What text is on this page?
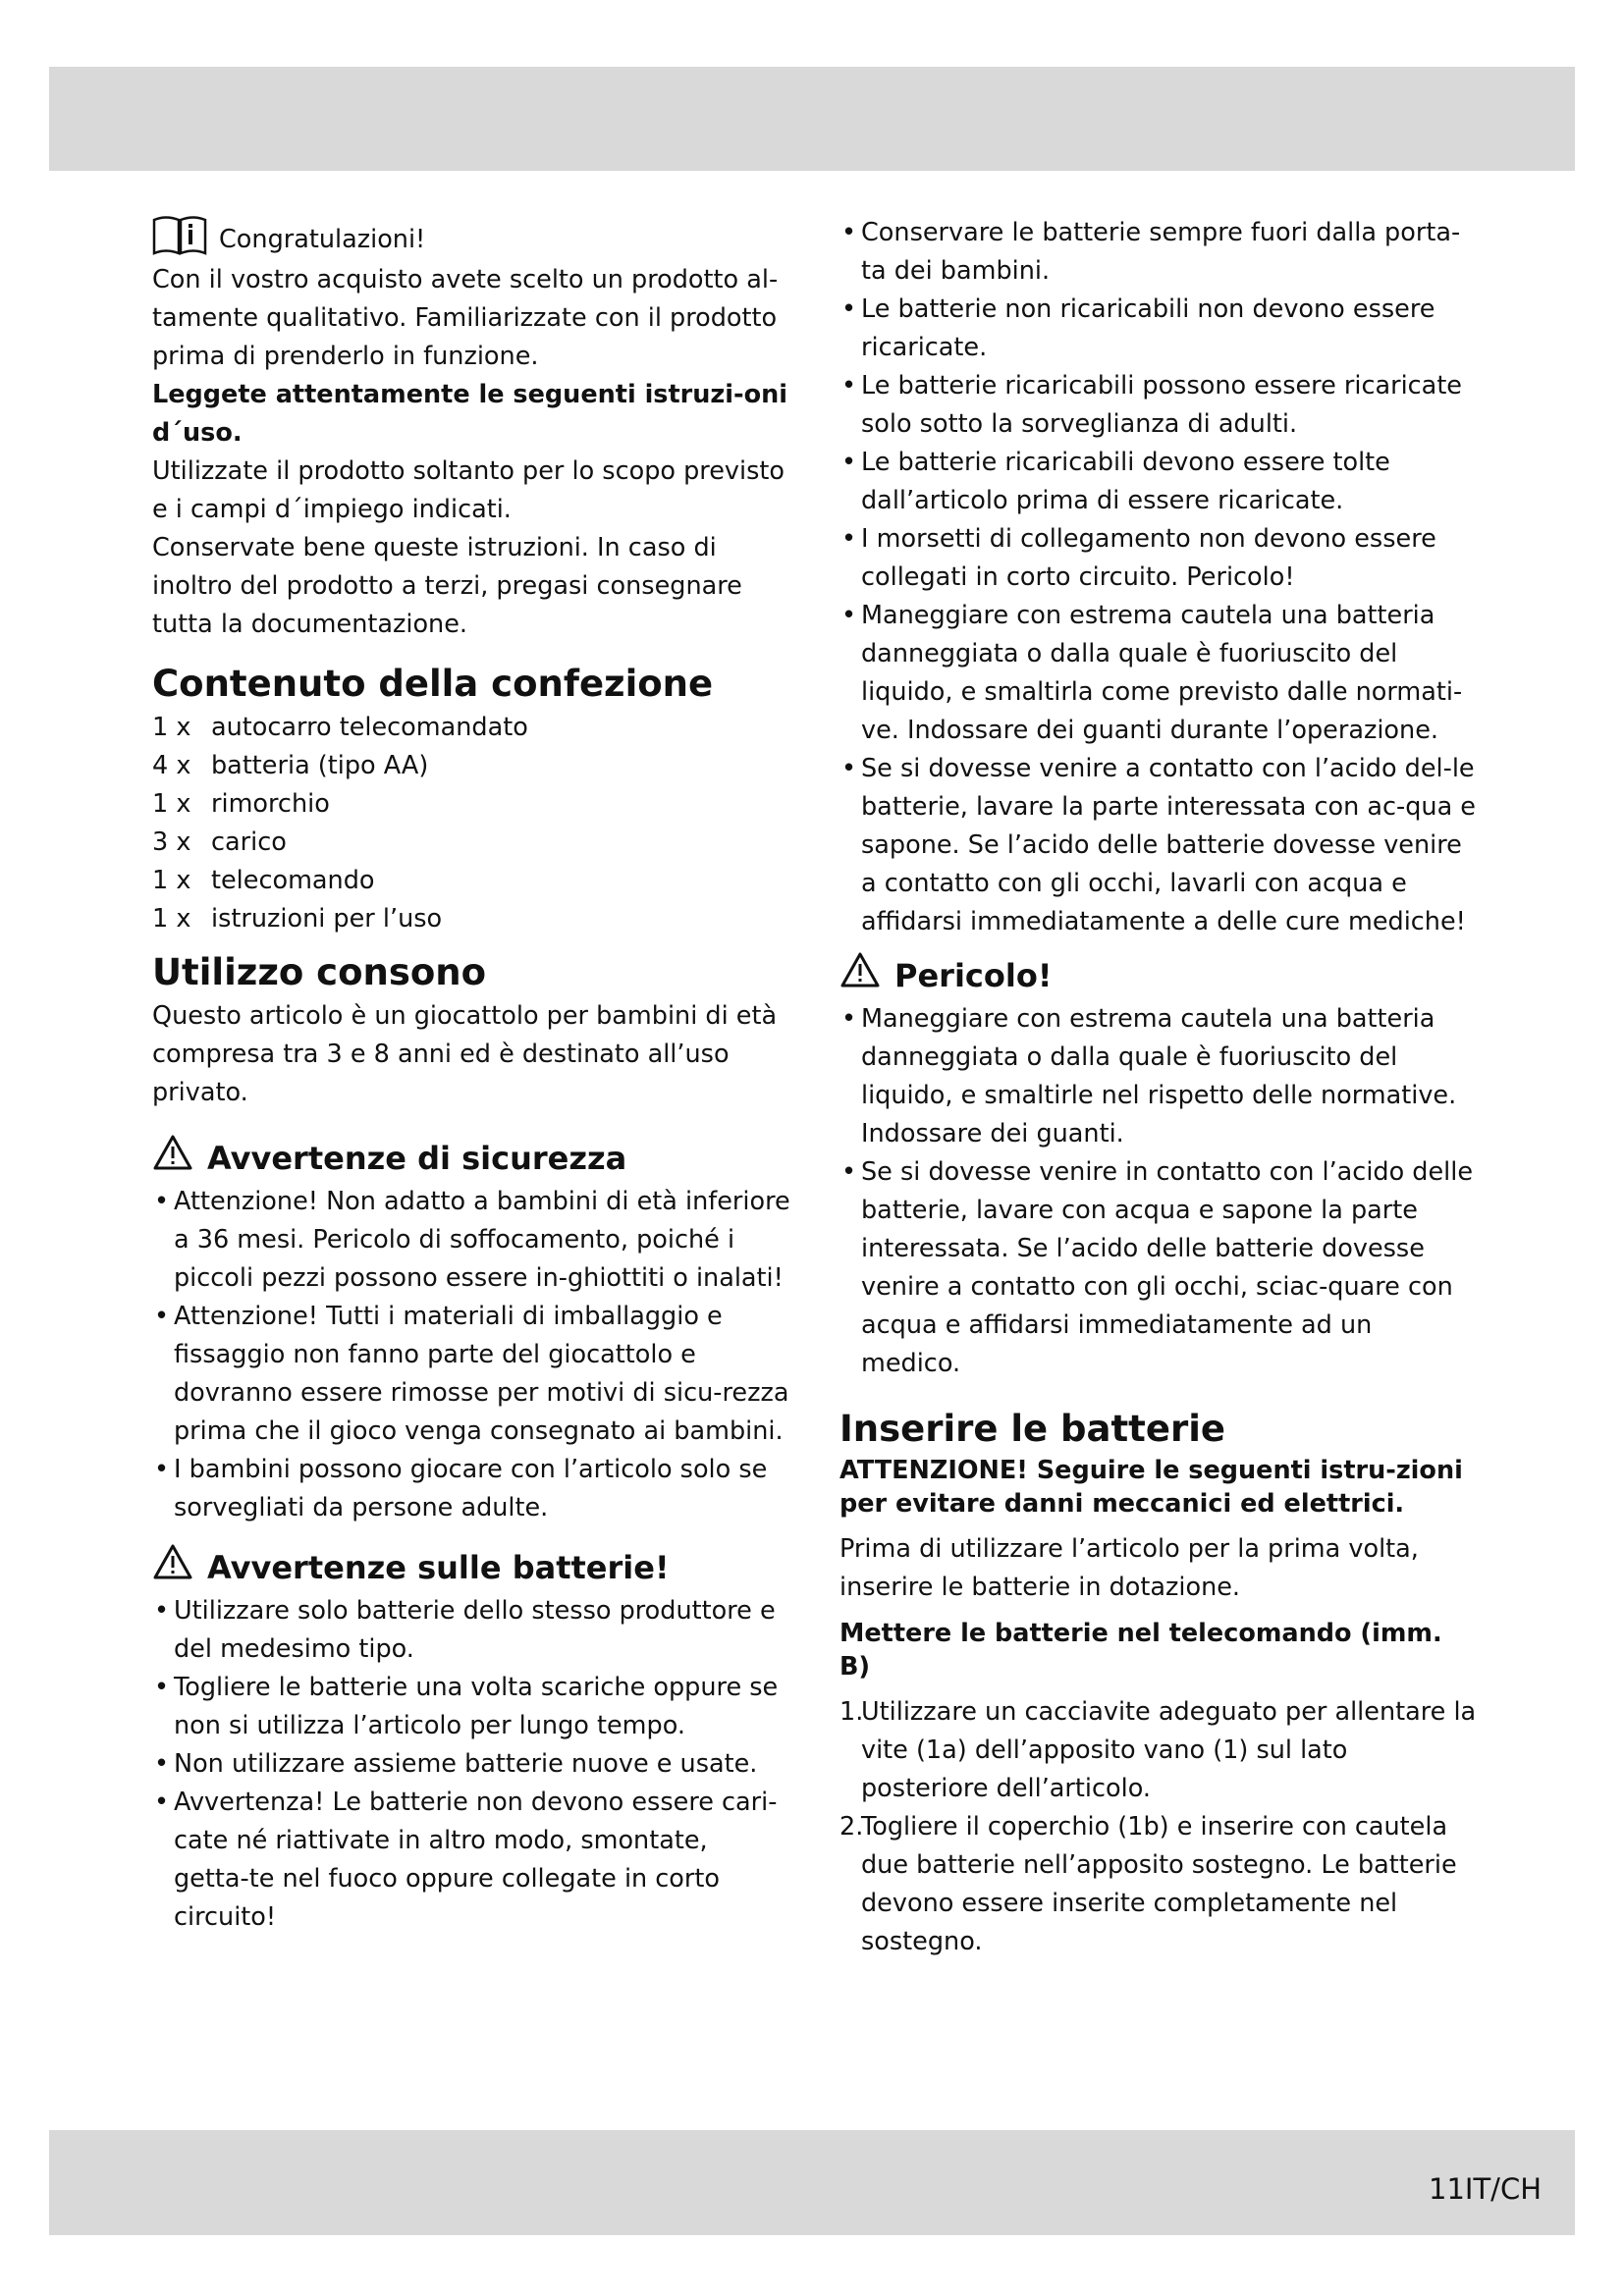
Congratulazioni!

Con il vostro acquisto avete scelto un prodotto al-tamente qualitativo. Familiarizzate con il prodotto prima di prenderlo in funzione.

Leggete attentamente le seguenti istruzi-oni d´uso.

Utilizzate il prodotto soltanto per lo scopo previsto e i campi d´impiego indicati.

Conservate bene queste istruzioni. In caso di inoltro del prodotto a terzi, pregasi consegnare tutta la documentazione.

Contenuto della confezione
1 x autocarro telecomandato
4 x batteria (tipo AA)
1 x rimorchio
3 x carico
1 x telecomando
1 x istruzioni per l’uso
Utilizzo consono

Questo articolo è un giocattolo per bambini di età compresa tra 3 e 8 anni ed è destinato all’uso privato.

Avvertenze di sicurezza
• Attenzione! Non adatto a bambini di età inferiore a 36 mesi. Pericolo di soffocamento, poiché i piccoli pezzi possono essere in-ghiottiti o inalati!
• Attenzione! Tutti i materiali di imballaggio e fissaggio non fanno parte del giocattolo e dovranno essere rimosse per motivi di sicu-rezza prima che il gioco venga consegnato ai bambini.
• I bambini possono giocare con l’articolo solo se sorvegliati da persone adulte.
Avvertenze sulle batterie!
• Utilizzare solo batterie dello stesso produttore e del medesimo tipo.
• Togliere le batterie una volta scariche oppure se non si utilizza l’articolo per lungo tempo.
• Non utilizzare assieme batterie nuove e usate.
• Avvertenza! Le batterie non devono essere cari-cate né riattivate in altro modo, smontate, getta-te nel fuoco oppure collegate in corto circuito!
• Conservare le batterie sempre fuori dalla porta-ta dei bambini.
• Le batterie non ricaricabili non devono essere ricaricate.
• Le batterie ricaricabili possono essere ricaricate solo sotto la sorveglianza di adulti.
• Le batterie ricaricabili devono essere tolte dall’articolo prima di essere ricaricate.
• I morsetti di collegamento non devono essere collegati in corto circuito. Pericolo!
• Maneggiare con estrema cautela una batteria danneggiata o dalla quale è fuoriuscito del liquido, e smaltirla come previsto dalle normati-ve. Indossare dei guanti durante l’operazione.
• Se si dovesse venire a contatto con l’acido del-le batterie, lavare la parte interessata con ac-qua e sapone. Se l’acido delle batterie dovesse venire a contatto con gli occhi, lavarli con acqua e affidarsi immediatamente a delle cure mediche!
Pericolo!
• Maneggiare con estrema cautela una batteria danneggiata o dalla quale è fuoriuscito del liquido, e smaltirle nel rispetto delle normative. Indossare dei guanti.
• Se si dovesse venire in contatto con l’acido delle batterie, lavare con acqua e sapone la parte interessata. Se l’acido delle batterie dovesse venire a contatto con gli occhi, sciac-quare con acqua e affidarsi immediatamente ad un medico.
Inserire le batterie
ATTENZIONE! Seguire le seguenti istru-zioni per evitare danni meccanici ed elettrici.

Prima di utilizzare l’articolo per la prima volta, inserire le batterie in dotazione.

Mettere le batterie nel telecomando (imm. B)
1.
Utilizzare un cacciavite adeguato per allentare la vite (1a) dell’apposito vano (1) sul lato posteriore dell’articolo.
2.
Togliere il coperchio (1b) e inserire con cautela due batterie nell’apposito sostegno. Le batterie devono essere inserite completamente nel sostegno.
11IT/CH
